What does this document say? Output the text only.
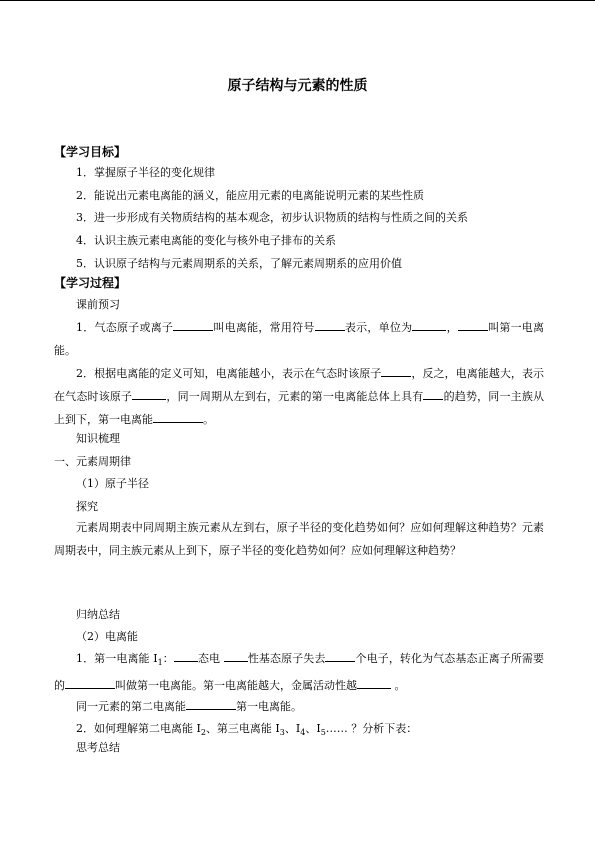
原子结构与元素的性质
【学习目标】
1．掌握原子半径的变化规律
2．能说出元素电离能的涵义，能应用元素的电离能说明元素的某些性质
3．进一步形成有关物质结构的基本观念，初步认识物质的结构与性质之间的关系
4．认识主族元素电离能的变化与核外电子排布的关系
5．认识原子结构与元素周期系的关系，了解元素周期系的应用价值
【学习过程】
课前预习
1．气态原子或离子	叫电离能，常用符号	表示，单位为	，	叫第一电离能。
2．根据电离能的定义可知，电离能越小，表示在气态时该原子	，反之，电离能越大，表示在气态时该原子	，同一周期从左到右，元素的第一电离能总体上具有 的趋势，同一主族从上到下，第一电离能	。
知识梳理
一、元素周期律
（1）原子半径
探究
元素周期表中同周期主族元素从左到右，原子半径的变化趋势如何？应如何理解这种趋势？元素周期表中，同主族元素从上到下，原子半径的变化趋势如何？应如何理解这种趋势？
归纳总结
（2）电离能
1．第一电离能 $I_1$： 态电 性基态原子失去	个电子，转化为气态基态正离子所需要的	叫做第一电离能。第一电离能越大，金属活动性越	。
同一元素的第二电离能	第一电离能。
2．如何理解第二电离能 $I_2$、第三电离能 $I_3$、$I_4$、$I_5\dots\dots$ ？分析下表：
思考总结
